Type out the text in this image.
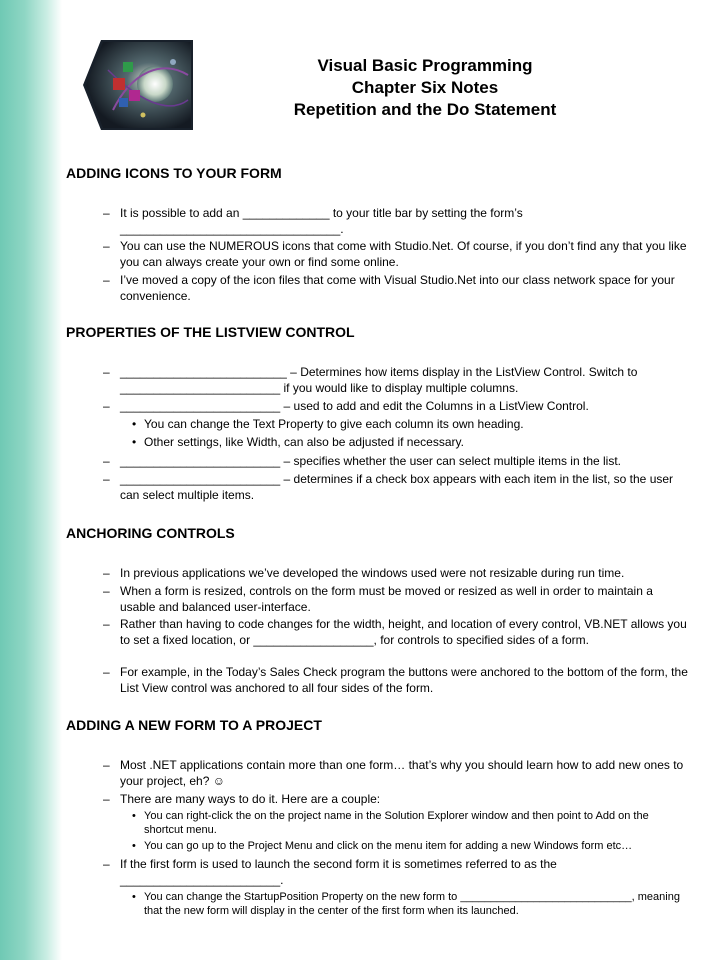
Visual Basic Programming
Chapter Six Notes
Repetition and the Do Statement
ADDING ICONS TO YOUR FORM
– It is possible to add an _____________ to your title bar by setting the form’s _________________________________.
– You can use the NUMEROUS icons that come with Studio.Net. Of course, if you don’t find any that you like you can always create your own or find some online.
– I’ve moved a copy of the icon files that come with Visual Studio.Net into our class network space for your convenience.
PROPERTIES OF THE LISTVIEW CONTROL
– _________________________ – Determines how items display in the ListView Control. Switch to ________________________ if you would like to display multiple columns.
– ________________________ – used to add and edit the Columns in a ListView Control.
• You can change the Text Property to give each column its own heading.
• Other settings, like Width, can also be adjusted if necessary.
– ________________________ – specifies whether the user can select multiple items in the list.
– ________________________ – determines if a check box appears with each item in the list, so the user can select multiple items.
ANCHORING CONTROLS
– In previous applications we’ve developed the windows used were not resizable during run time.
– When a form is resized, controls on the form must be moved or resized as well in order to maintain a usable and balanced user-interface.
– Rather than having to code changes for the width, height, and location of every control, VB.NET allows you to set a fixed location, or __________________, for controls to specified sides of a form.
– For example, in the Today’s Sales Check program the buttons were anchored to the bottom of the form, the List View control was anchored to all four sides of the form.
ADDING A NEW FORM TO A PROJECT
– Most .NET applications contain more than one form… that’s why you should learn how to add new ones to your project, eh? ☺
– There are many ways to do it. Here are a couple:
• You can right-click the on the project name in the Solution Explorer window and then point to Add on the shortcut menu.
• You can go up to the Project Menu and click on the menu item for adding a new Windows form etc…
– If the first form is used to launch the second form it is sometimes referred to as the ________________________.
• You can change the StartupPosition Property on the new form to ____________________________, meaning that the new form will display in the center of the first form when its launched.
